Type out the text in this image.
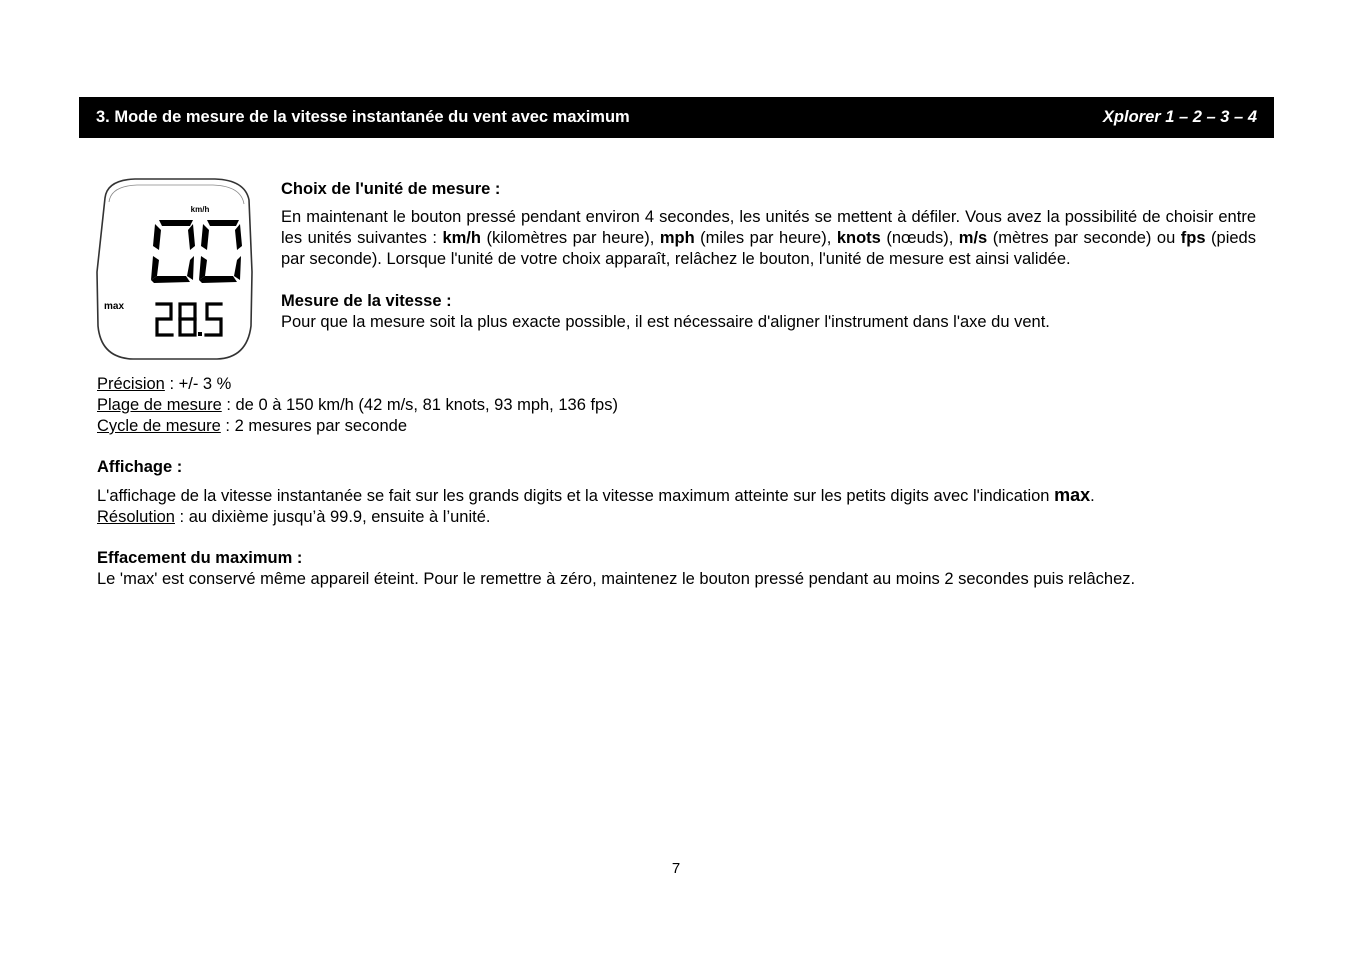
3. Mode de mesure de la vitesse instantanée du vent avec maximum	Xplorer 1 – 2 – 3 – 4
km/h
max
Choix de l'unité de mesure :

En maintenant le bouton pressé pendant environ 4 secondes, les unités se mettent à défiler. Vous avez la possibilité de choisir entre les unités suivantes : km/h (kilomètres par heure), mph (miles par heure), knots (nœuds), m/s (mètres par seconde) ou fps (pieds par seconde). Lorsque l'unité de votre choix apparaît, relâchez le bouton, l'unité de mesure est ainsi validée.

Mesure de la vitesse :

Pour que la mesure soit la plus exacte possible, il est nécessaire d'aligner l'instrument dans l'axe du vent.

Précision : +/- 3 %
Plage de mesure : de 0 à 150 km/h (42 m/s, 81 knots, 93 mph, 136 fps)
Cycle de mesure : 2 mesures par seconde
Affichage :

L'affichage de la vitesse instantanée se fait sur les grands digits et la vitesse maximum atteinte sur les petits digits avec l'indication max.

Résolution : au dixième jusqu’à 99.9, ensuite à l’unité.

Effacement du maximum :

Le 'max' est conservé même appareil éteint. Pour le remettre à zéro, maintenez le bouton pressé pendant au moins 2 secondes puis relâchez.

7
